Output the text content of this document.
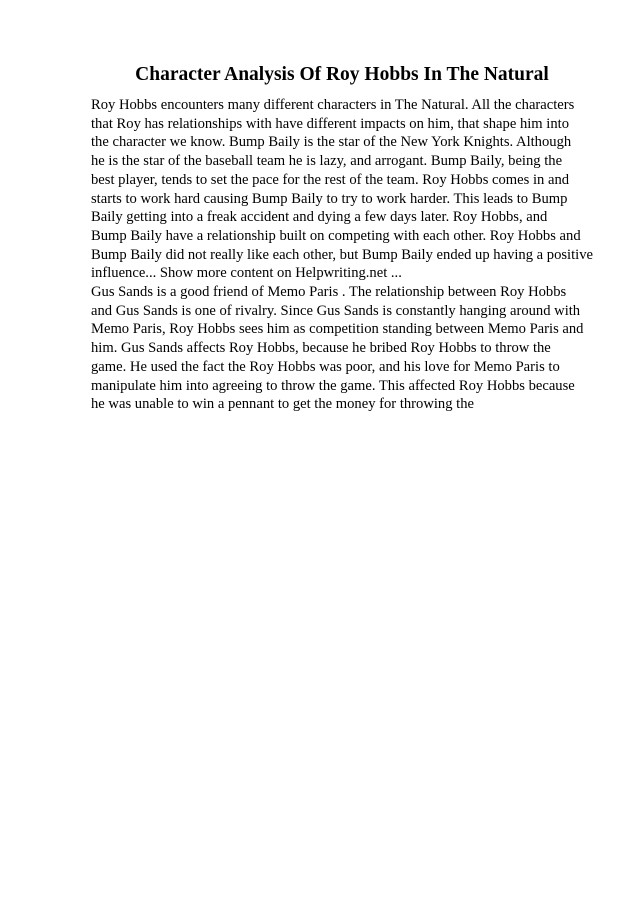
Character Analysis Of Roy Hobbs In The Natural
Roy Hobbs encounters many different characters in The Natural. All the characters
that Roy has relationships with have different impacts on him, that shape him into
the character we know. Bump Baily is the star of the New York Knights. Although
he is the star of the baseball team he is lazy, and arrogant. Bump Baily, being the
best player, tends to set the pace for the rest of the team. Roy Hobbs comes in and
starts to work hard causing Bump Baily to try to work harder. This leads to Bump
Baily getting into a freak accident and dying a few days later. Roy Hobbs, and
Bump Baily have a relationship built on competing with each other. Roy Hobbs and
Bump Baily did not really like each other, but Bump Baily ended up having a positive
influence... Show more content on Helpwriting.net ...
Gus Sands is a good friend of Memo Paris . The relationship between Roy Hobbs
and Gus Sands is one of rivalry. Since Gus Sands is constantly hanging around with
Memo Paris, Roy Hobbs sees him as competition standing between Memo Paris and
him. Gus Sands affects Roy Hobbs, because he bribed Roy Hobbs to throw the
game. He used the fact the Roy Hobbs was poor, and his love for Memo Paris to
manipulate him into agreeing to throw the game. This affected Roy Hobbs because
he was unable to win a pennant to get the money for throwing the
